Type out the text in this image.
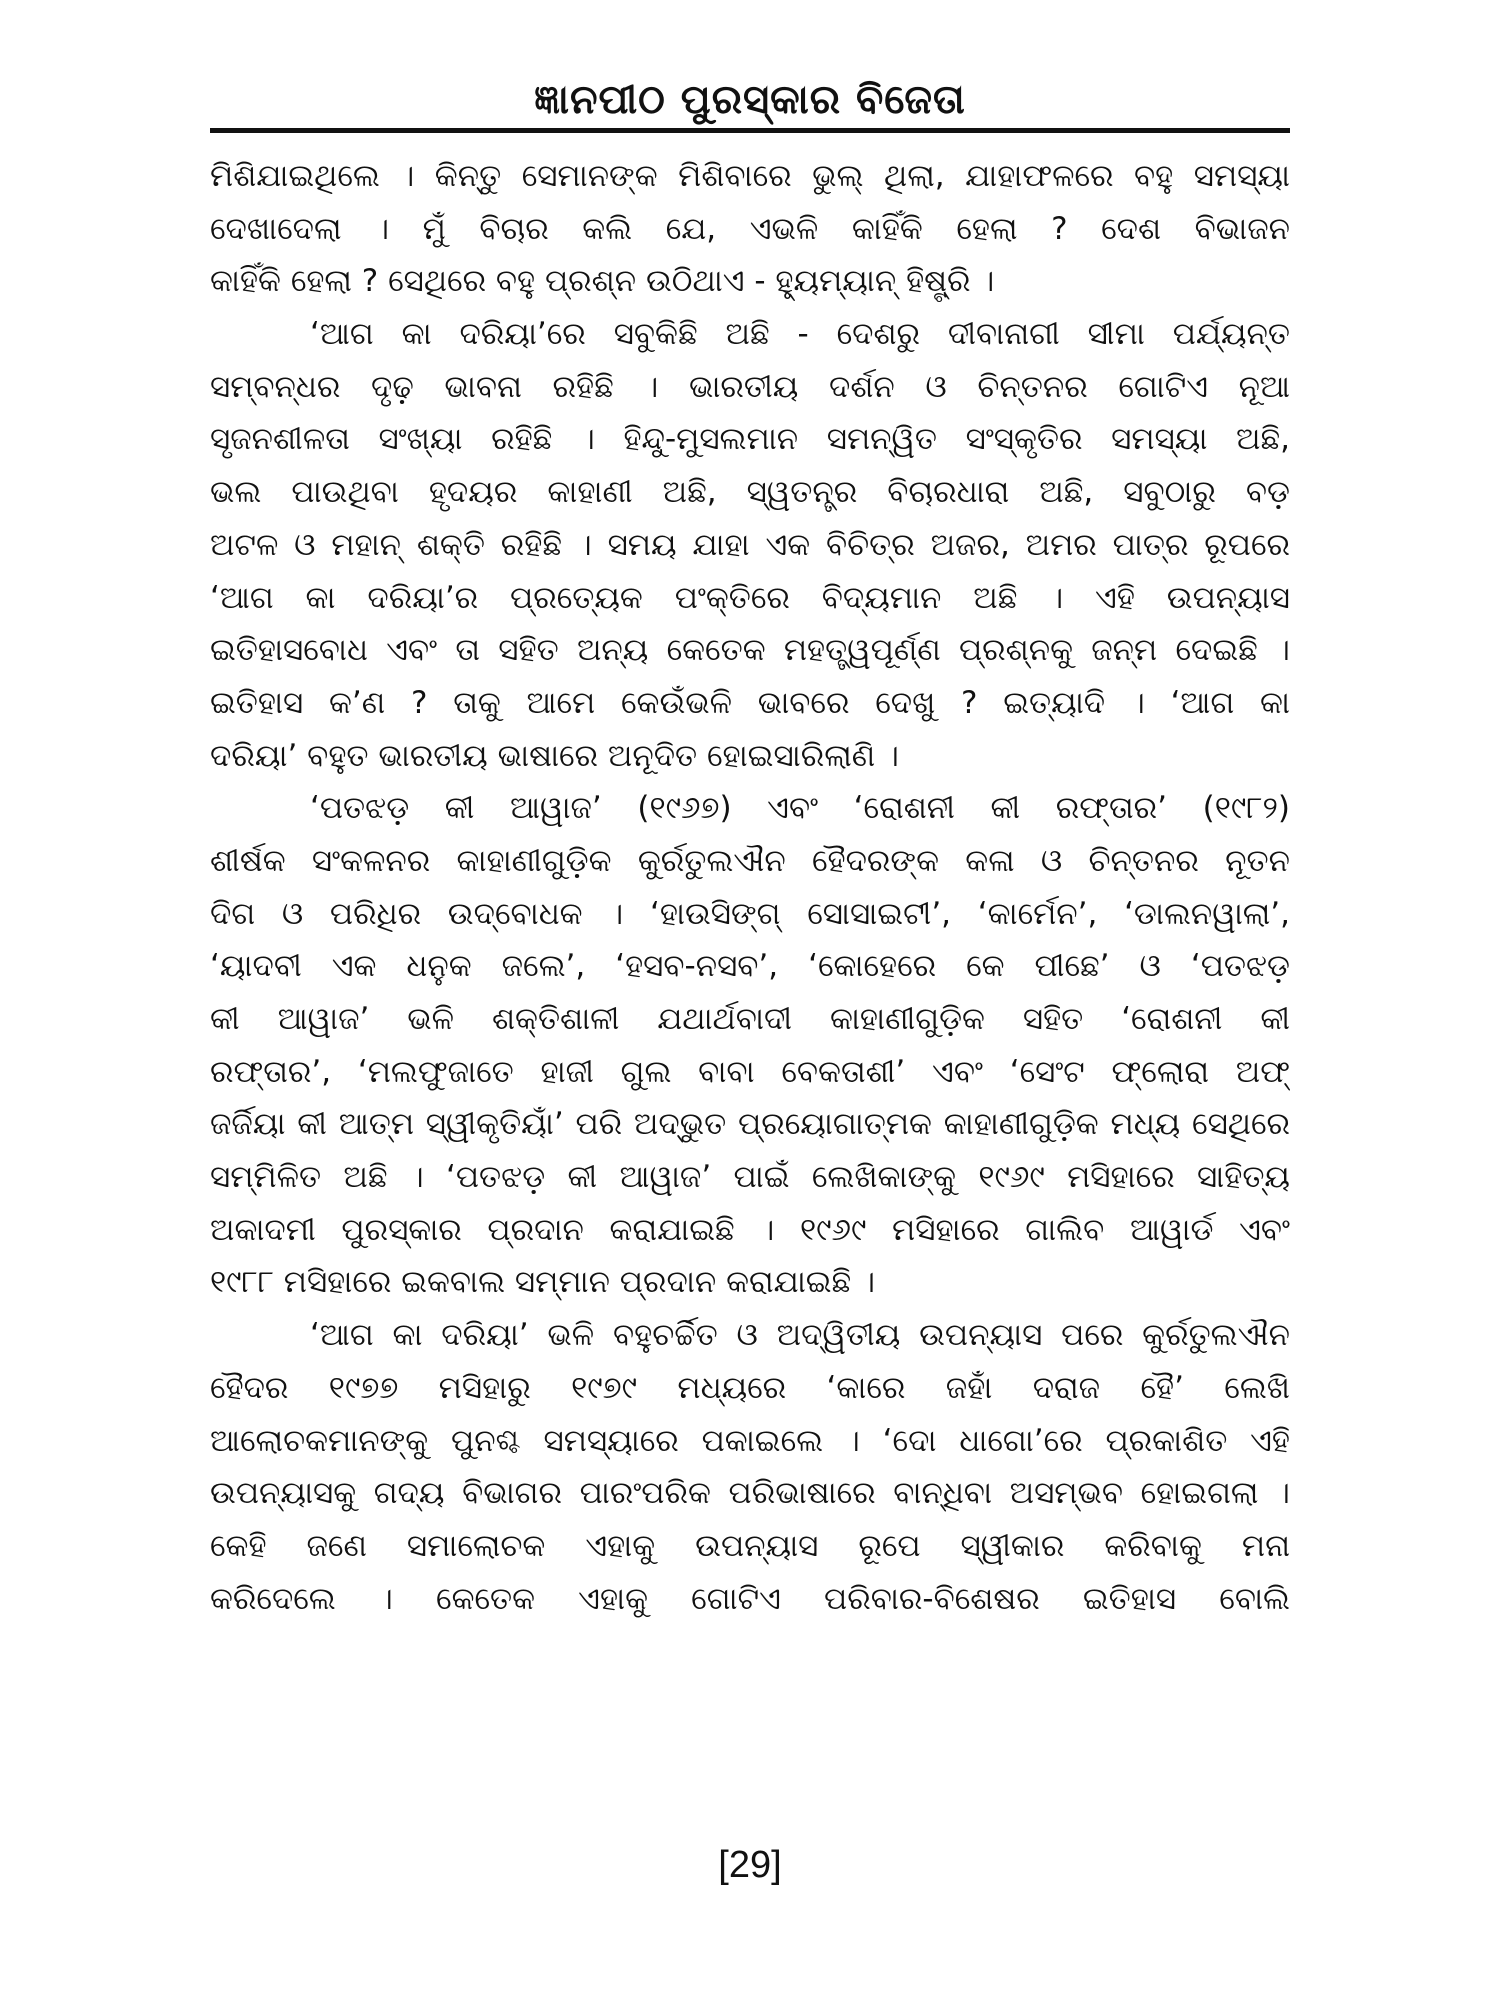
ଜ୍ଞାନପୀଠ ପୁରସ୍କାର ବିଜେତା
ମିଶିଯାଇଥିଲେ । କିନ୍ତୁ ସେମାନଙ୍କ ମିଶିବାରେ ଭୁଲ୍ ଥିଲା, ଯାହାଫଳରେ ବହୁ ସମସ୍ୟା
ଦେଖାଦେଲା । ମୁଁ ବିଚାର କଲି ଯେ, ଏଭଳି କାହିଁକି ହେଲା ? ଦେଶ ବିଭାଜନ
କାହିଁକି ହେଲା ? ସେଥିରେ ବହୁ ପ୍ରଶ୍ନ ଉଠିଥାଏ - ହ୍ୟୁମ୍ୟାନ୍ ହିଷ୍ଟ୍ରି ।
‘ଆଗ କା ଦରିୟା’ରେ ସବୁକିଛି ଅଛି - ଦେଶରୁ ଦୀବାନାଗୀ ସୀମା ପର୍ଯ୍ୟନ୍ତ
ସମ୍ବନ୍ଧର ଦୃଢ଼ ଭାବନା ରହିଛି । ଭାରତୀୟ ଦର୍ଶନ ଓ ଚିନ୍ତନର ଗୋଟିଏ ନୂଆ
ସୃଜନଶୀଳତା ସଂଖ୍ୟା ରହିଛି । ହିନ୍ଦୁ-ମୁସଲମାନ ସମନ୍ୱିତ ସଂସ୍କୃତିର ସମସ୍ୟା ଅଛି,
ଭଲ ପାଉଥିବା ହୃଦୟର କାହାଣୀ ଅଛି, ସ୍ୱତନ୍ତ୍ର ବିଚାରଧାରା ଅଛି, ସବୁଠାରୁ ବଡ଼
ଅଟଳ ଓ ମହାନ୍ ଶକ୍ତି ରହିଛି । ସମୟ ଯାହା ଏକ ବିଚିତ୍ର ଅଜର, ଅମର ପାତ୍ର ରୂପରେ
‘ଆଗ କା ଦରିୟା’ର ପ୍ରତ୍ୟେକ ପଂକ୍ତିରେ ବିଦ୍ୟମାନ ଅଛି । ଏହି ଉପନ୍ୟାସ
ଇତିହାସବୋଧ ଏବଂ ତା ସହିତ ଅନ୍ୟ କେତେକ ମହତ୍ତ୍ୱପୂର୍ଣ୍ଣ ପ୍ରଶ୍ନକୁ ଜନ୍ମ ଦେଇଛି ।
ଇତିହାସ କ’ଣ ? ତାକୁ ଆମେ କେଉଁଭଳି ଭାବରେ ଦେଖୁ ? ଇତ୍ୟାଦି । ‘ଆଗ କା
ଦରିୟା’ ବହୁତ ଭାରତୀୟ ଭାଷାରେ ଅନୂଦିତ ହୋଇସାରିଲାଣି ।
‘ପତଝଡ଼ କୀ ଆୱାଜ’ (୧୯୬୭) ଏବଂ ‘ରୋଶନୀ କୀ ରଫ୍ତାର’ (୧୯୮୨)
ଶୀର୍ଷକ ସଂକଳନର କାହାଣୀଗୁଡ଼ିକ କୁର୍ରତୁଲଐନ ହୈଦରଙ୍କ କଳା ଓ ଚିନ୍ତନର ନୂତନ
ଦିଗ ଓ ପରିଧିର ଉଦ୍‌ବୋଧକ । ‘ହାଉସିଙ୍ଗ୍ ସୋସାଇଟୀ’, ‘କାର୍ମେନ’, ‘ଡାଲନୱାଲା’,
‘ୟାଦବୀ ଏକ ଧନୁକ ଜଲେ’, ‘ହସବ-ନସବ’, ‘କୋହେରେ କେ ପୀଛେ’ ଓ ‘ପତଝଡ଼
କୀ ଆୱାଜ’ ଭଳି ଶକ୍ତିଶାଳୀ ଯଥାର୍ଥବାଦୀ କାହାଣୀଗୁଡ଼ିକ ସହିତ ‘ରୋଶନୀ କୀ
ରଫ୍ତାର’, ‘ମଲଫୁଜାତେ ହାଜୀ ଗୁଲ ବାବା ବେକତାଶୀ’ ଏବଂ ‘ସେଂଟ ଫ୍ଲୋରା ଅଫ୍
ଜର୍ଜିୟା କୀ ଆତ୍ମ ସ୍ୱୀକୃତିୟାଁ’ ପରି ଅଦ୍ଭୁତ ପ୍ରୟୋଗାତ୍ମକ କାହାଣୀଗୁଡ଼ିକ ମଧ୍ୟ ସେଥିରେ
ସମ୍ମିଳିତ ଅଛି । ‘ପତଝଡ଼ କୀ ଆୱାଜ’ ପାଇଁ ଲେଖିକାଙ୍କୁ ୧୯୬୯ ମସିହାରେ ସାହିତ୍ୟ
ଅକାଦମୀ ପୁରସ୍କାର ପ୍ରଦାନ କରାଯାଇଛି । ୧୯୬୯ ମସିହାରେ ଗାଲିବ ଆୱାର୍ଡ ଏବଂ
୧୯୮୮ ମସିହାରେ ଇକବାଲ ସମ୍ମାନ ପ୍ରଦାନ କରାଯାଇଛି ।
‘ଆଗ କା ଦରିୟା’ ଭଳି ବହୁଚର୍ଚ୍ଚିତ ଓ ଅଦ୍ୱିତୀୟ ଉପନ୍ୟାସ ପରେ କୁର୍ରତୁଲଐନ
ହୈଦର ୧୯୭୭ ମସିହାରୁ ୧୯୭୯ ମଧ୍ୟରେ ‘କାରେ ଜହାଁ ଦରାଜ ହୈ’ ଲେଖି
ଆଲୋଚକମାନଙ୍କୁ ପୁନଶ୍ଚ ସମସ୍ୟାରେ ପକାଇଲେ । ‘ଦୋ ଧାଗୋ’ରେ ପ୍ରକାଶିତ ଏହି
ଉପନ୍ୟାସକୁ ଗଦ୍ୟ ବିଭାଗର ପାରଂପରିକ ପରିଭାଷାରେ ବାନ୍ଧିବା ଅସମ୍ଭବ ହୋଇଗଲା ।
କେହି ଜଣେ ସମାଲୋଚକ ଏହାକୁ ଉପନ୍ୟାସ ରୂପେ ସ୍ୱୀକାର କରିବାକୁ ମନା
କରିଦେଲେ । କେତେକ ଏହାକୁ ଗୋଟିଏ ପରିବାର-ବିଶେଷର ଇତିହାସ ବୋଲି
[29]
